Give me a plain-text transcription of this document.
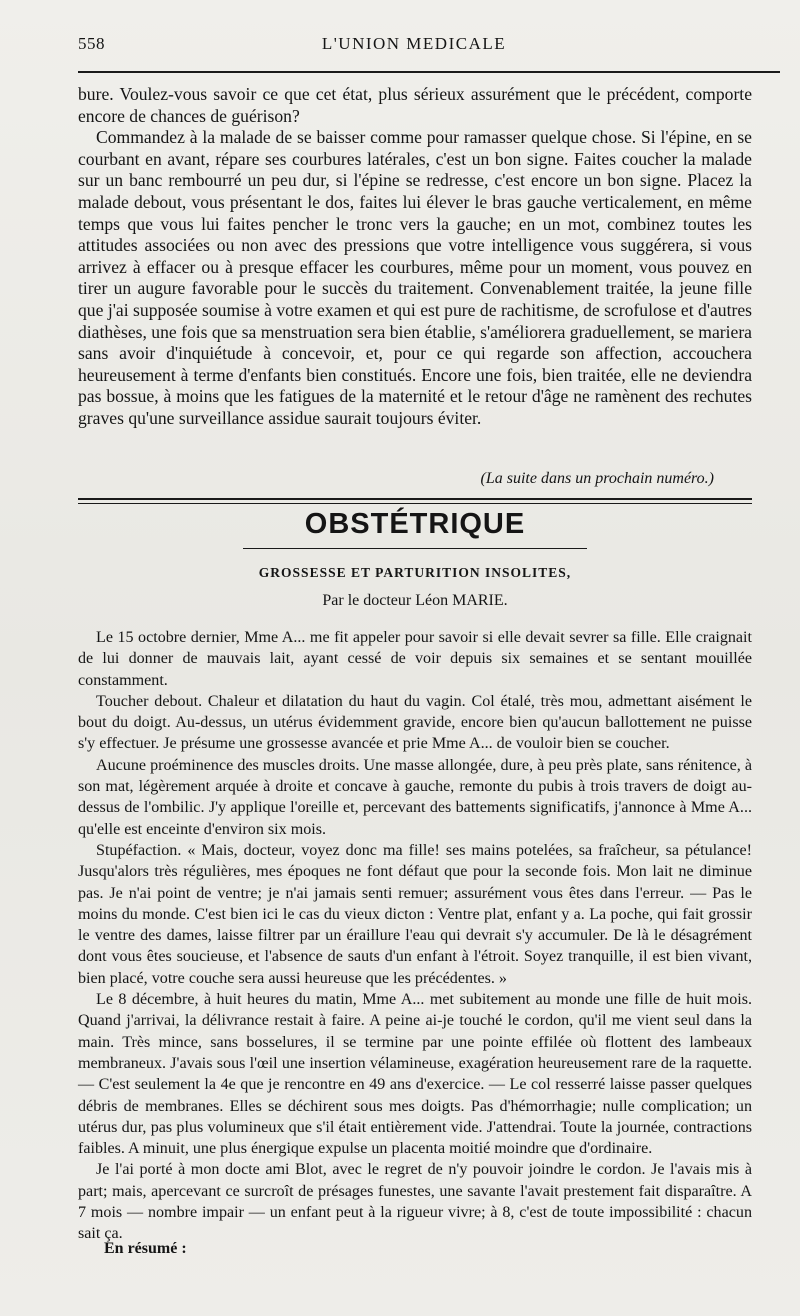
558	L'UNION MEDICALE

bure. Voulez-vous savoir ce que cet état, plus sérieux assurément que le précédent, comporte encore de chances de guérison?

Commandez à la malade de se baisser comme pour ramasser quelque chose. Si l'épine, en se courbant en avant, répare ses courbures latérales, c'est un bon signe. Faites coucher la malade sur un banc rembourré un peu dur, si l'épine se redresse, c'est encore un bon signe. Placez la malade debout, vous présentant le dos, faites lui élever le bras gauche verticalement, en même temps que vous lui faites pencher le tronc vers la gauche; en un mot, combinez toutes les attitudes associées ou non avec des pressions que votre intelligence vous suggérera, si vous arrivez à effacer ou à presque effacer les courbures, même pour un moment, vous pouvez en tirer un augure favorable pour le succès du traitement. Convenablement traitée, la jeune fille que j'ai supposée soumise à votre examen et qui est pure de rachitisme, de scrofulose et d'autres diathèses, une fois que sa menstruation sera bien établie, s'améliorera graduellement, se mariera sans avoir d'inquiétude à concevoir, et, pour ce qui regarde son affection, accouchera heureusement à terme d'enfants bien constitués. Encore une fois, bien traitée, elle ne deviendra pas bossue, à moins que les fatigues de la maternité et le retour d'âge ne ramènent des rechutes graves qu'une surveillance assidue saurait toujours éviter.

(La suite dans un prochain numéro.)
OBSTÉTRIQUE
GROSSESSE ET PARTURITION INSOLITES,
Par le docteur Léon MARIE.

Le 15 octobre dernier, Mme A... me fit appeler pour savoir si elle devait sevrer sa fille. Elle craignait de lui donner de mauvais lait, ayant cessé de voir depuis six semaines et se sentant mouillée constamment.

Toucher debout. Chaleur et dilatation du haut du vagin. Col étalé, très mou, admettant aisément le bout du doigt. Au-dessus, un utérus évidemment gravide, encore bien qu'aucun ballottement ne puisse s'y effectuer. Je présume une grossesse avancée et prie Mme A... de vouloir bien se coucher.

Aucune proéminence des muscles droits. Une masse allongée, dure, à peu près plate, sans rénitence, à son mat, légèrement arquée à droite et concave à gauche, remonte du pubis à trois travers de doigt au-dessus de l'ombilic. J'y applique l'oreille et, percevant des battements significatifs, j'annonce à Mme A... qu'elle est enceinte d'environ six mois.

Stupéfaction. « Mais, docteur, voyez donc ma fille! ses mains potelées, sa fraîcheur, sa pétulance! Jusqu'alors très régulières, mes époques ne font défaut que pour la seconde fois. Mon lait ne diminue pas. Je n'ai point de ventre; je n'ai jamais senti remuer; assurément vous êtes dans l'erreur. — Pas le moins du monde. C'est bien ici le cas du vieux dicton : Ventre plat, enfant y a. La poche, qui fait grossir le ventre des dames, laisse filtrer par un éraillure l'eau qui devrait s'y accumuler. De là le désagrément dont vous êtes soucieuse, et l'absence de sauts d'un enfant à l'étroit. Soyez tranquille, il est bien vivant, bien placé, votre couche sera aussi heureuse que les précédentes. »

Le 8 décembre, à huit heures du matin, Mme A... met subitement au monde une fille de huit mois. Quand j'arrivai, la délivrance restait à faire. A peine ai-je touché le cordon, qu'il me vient seul dans la main. Très mince, sans bosselures, il se termine par une pointe effilée où flottent des lambeaux membraneux. J'avais sous l'œil une insertion vélamineuse, exagération heureusement rare de la raquette. — C'est seulement la 4e que je rencontre en 49 ans d'exercice. — Le col resserré laisse passer quelques débris de membranes. Elles se déchirent sous mes doigts. Pas d'hémorrhagie; nulle complication; un utérus dur, pas plus volumineux que s'il était entièrement vide. J'attendrai. Toute la journée, contractions faibles. A minuit, une plus énergique expulse un placenta moitié moindre que d'ordinaire.

Je l'ai porté à mon docte ami Blot, avec le regret de n'y pouvoir joindre le cordon. Je l'avais mis à part; mais, apercevant ce surcroît de présages funestes, une savante l'avait prestement fait disparaître. A 7 mois — nombre impair — un enfant peut à la rigueur vivre; à 8, c'est de toute impossibilité : chacun sait ça.

En résumé :
